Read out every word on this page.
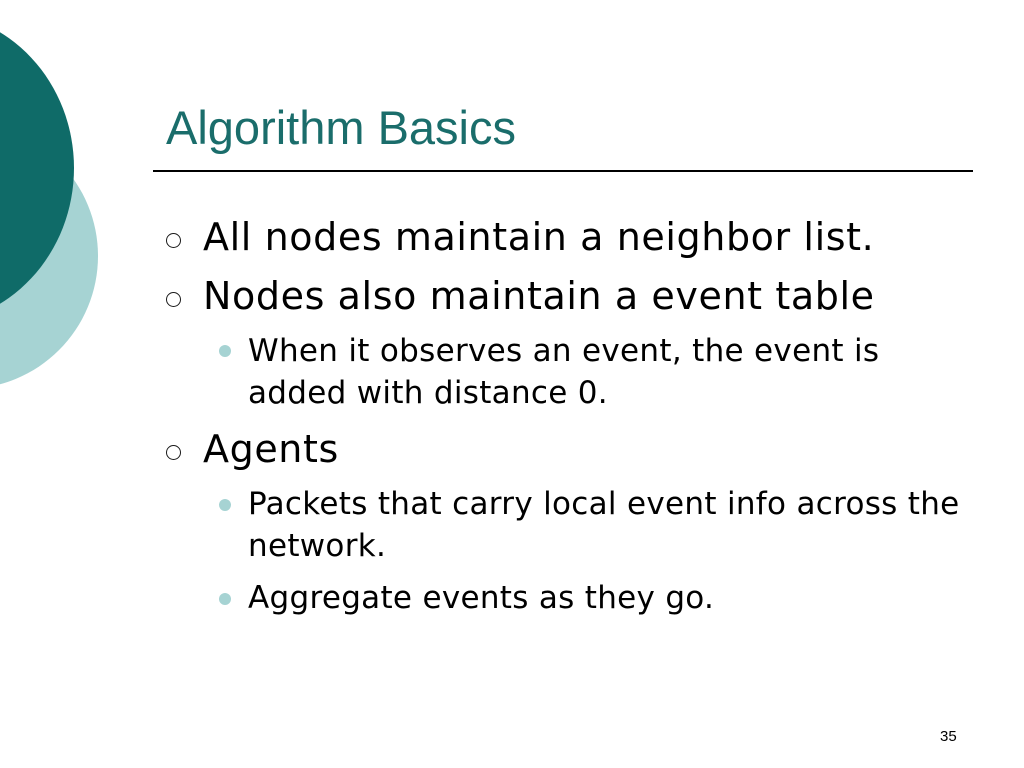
Algorithm Basics

All nodes maintain a neighbor list.

Nodes also maintain a event table

When it observes an event, the event is added with distance 0.

Agents

Packets that carry local event info across the network.

Aggregate events as they go.

35
